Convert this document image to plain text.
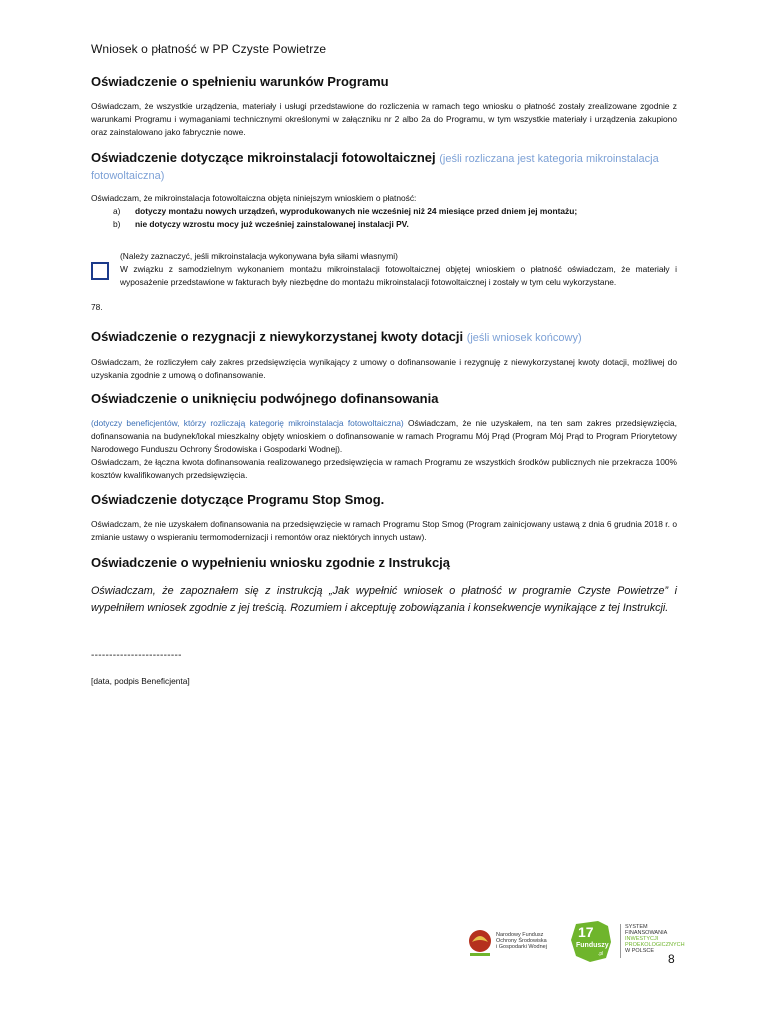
Wniosek o płatność w PP Czyste Powietrze
Oświadczenie o spełnieniu warunków Programu
Oświadczam, że wszystkie urządzenia, materiały i usługi przedstawione do rozliczenia w ramach tego wniosku o płatność zostały zrealizowane zgodnie z warunkami Programu i wymaganiami technicznymi określonymi w załączniku nr 2 albo 2a do Programu, w tym wszystkie materiały i urządzenia zakupiono oraz zainstalowano jako fabrycznie nowe.
Oświadczenie dotyczące mikroinstalacji fotowoltaicznej (jeśli rozliczana jest kategoria mikroinstalacja fotowoltaiczna)
Oświadczam, że mikroinstalacja fotowoltaiczna objęta niniejszym wnioskiem o płatność:
a)	dotyczy montażu nowych urządzeń, wyprodukowanych nie wcześniej niż 24 miesiące przed dniem jej montażu;
b)	nie dotyczy wzrostu mocy już wcześniej zainstalowanej instalacji PV.
(Należy zaznaczyć, jeśli mikroinstalacja wykonywana była siłami własnymi)
W związku z samodzielnym wykonaniem montażu mikroinstalacji fotowoltaicznej objętej wnioskiem o płatność oświadczam, że materiały i wyposażenie przedstawione w fakturach były niezbędne do montażu mikroinstalacji fotowoltaicznej i zostały w tym celu wykorzystane.
78.
Oświadczenie o rezygnacji z niewykorzystanej kwoty dotacji (jeśli wniosek końcowy)
Oświadczam, że rozliczyłem cały zakres przedsięwzięcia wynikający z umowy o dofinansowanie i rezygnuję z niewykorzystanej kwoty dotacji, możliwej do uzyskania zgodnie z umową o dofinansowanie.
Oświadczenie o uniknięciu podwójnego dofinansowania
(dotyczy beneficjentów, którzy rozliczają kategorię mikroinstalacja fotowoltaiczna) Oświadczam, że nie uzyskałem, na ten sam zakres przedsięwzięcia, dofinansowania na budynek/lokal mieszkalny objęty wnioskiem o dofinansowanie w ramach Programu Mój Prąd (Program Mój Prąd to Program Priorytetowy Narodowego Funduszu Ochrony Środowiska i Gospodarki Wodnej).
Oświadczam, że łączna kwota dofinansowania realizowanego przedsięwzięcia w ramach Programu ze wszystkich środków publicznych nie przekracza 100% kosztów kwalifikowanych przedsięwzięcia.
Oświadczenie dotyczące Programu Stop Smog.
Oświadczam, że nie uzyskałem dofinansowania na przedsięwzięcie w ramach Programu Stop Smog (Program zainicjowany ustawą z dnia 6 grudnia 2018 r. o zmianie ustawy o wspieraniu termomodernizacji i remontów oraz niektórych innych ustaw).
Oświadczenie o wypełnieniu wniosku zgodnie z Instrukcją
Oświadczam, że zapoznałem się z instrukcją „Jak wypełnić wniosek o płatność w programie Czyste Powietrze” i wypełniłem wniosek zgodnie z jej treścią. Rozumiem i akceptuję zobowiązania i konsekwencje wynikające z tej Instrukcji.
-------------------------
[data, podpis Beneficjenta]
Narodowy Fundusz
Ochrony Środowiska
i Gospodarki Wodnej
17
Funduszy
.pl
SYSTEM
FINANSOWANIA
INWESTYCJI
PROEKOLOGICZNYCH
W POLSCE
8
